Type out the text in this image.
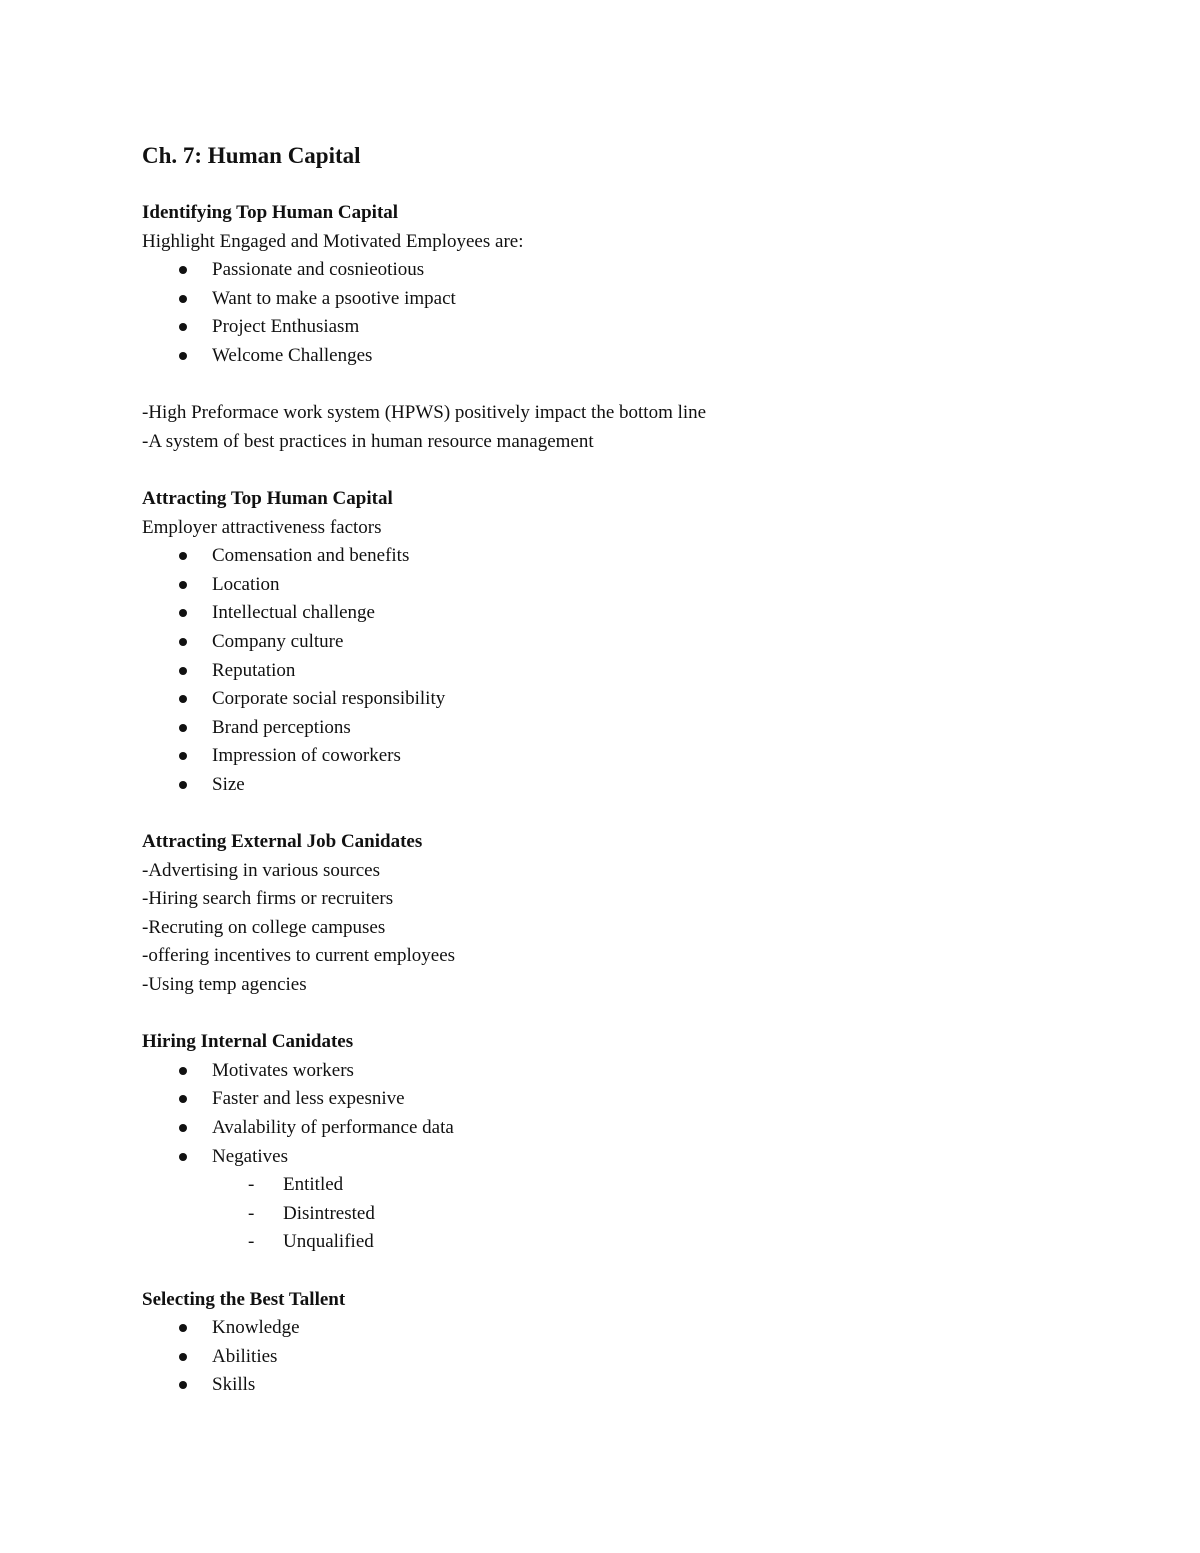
Ch. 7: Human Capital

Identifying Top Human Capital

Highlight Engaged and Motivated Employees are:

Passionate and cosnieotious
Want to make a psootive impact
Project Enthusiasm
Welcome Challenges

-High Preformace work system (HPWS) positively impact the bottom line

-A system of best practices in human resource management

Attracting Top Human Capital

Employer attractiveness factors

Comensation and benefits
Location
Intellectual challenge
Company culture
Reputation
Corporate social responsibility
Brand perceptions
Impression of coworkers
Size

Attracting External Job Canidates

-Advertising in various sources

-Hiring search firms or recruiters

-Recruting on college campuses

-offering incentives to current employees

-Using temp agencies

Hiring Internal Canidates

Motivates workers
Faster and less expesnive
Avalability of performance data
Negatives
- Entitled
- Disintrested
- Unqualified

Selecting the Best Tallent

Knowledge
Abilities
Skills
